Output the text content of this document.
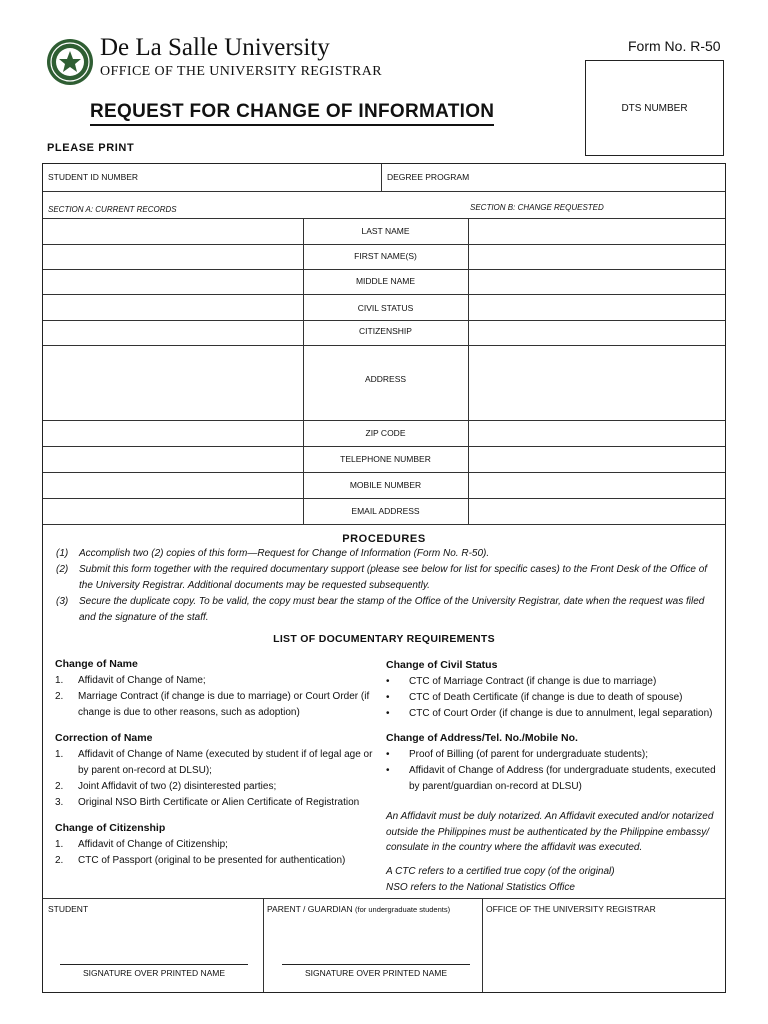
De La Salle University
OFFICE OF THE UNIVERSITY REGISTRAR
Form No. R-50
DTS NUMBER
REQUEST FOR CHANGE OF INFORMATION
PLEASE PRINT
STUDENT ID NUMBER	DEGREE PROGRAM
SECTION A: CURRENT RECORDS	SECTION B: CHANGE REQUESTED
LAST NAME
FIRST NAME(S)
MIDDLE NAME
CIVIL STATUS
CITIZENSHIP
ADDRESS
ZIP CODE
TELEPHONE NUMBER
MOBILE NUMBER
EMAIL ADDRESS
PROCEDURES
(1) Accomplish two (2) copies of this form—Request for Change of Information (Form No. R-50).
(2) Submit this form together with the required documentary support (please see below for list for specific cases) to the Front Desk of the Office of the University Registrar. Additional documents may be requested subsequently.
(3) Secure the duplicate copy. To be valid, the copy must bear the stamp of the Office of the University Registrar, date when the request was filed and the signature of the staff.
LIST OF DOCUMENTARY REQUIREMENTS
Change of Name
1. Affidavit of Change of Name;
2. Marriage Contract (if change is due to marriage) or Court Order (if change is due to other reasons, such as adoption)
Correction of Name
1. Affidavit of Change of Name (executed by student if of legal age or by parent on-record at DLSU);
2. Joint Affidavit of two (2) disinterested parties;
3. Original NSO Birth Certificate or Alien Certificate of Registration
Change of Citizenship
1. Affidavit of Change of Citizenship;
2. CTC of Passport (original to be presented for authentication)
Change of Civil Status
• CTC of Marriage Contract (if change is due to marriage)
• CTC of Death Certificate (if change is due to death of spouse)
• CTC of Court Order (if change is due to annulment, legal separation)
Change of Address/Tel. No./Mobile No.
• Proof of Billing (of parent for undergraduate students);
• Affidavit of Change of Address (for undergraduate students, executed by parent/guardian on-record at DLSU)
An Affidavit must be duly notarized. An Affidavit executed and/or notarized outside the Philippines must be authenticated by the Philippine embassy/ consulate in the country where the affidavit was executed.
A CTC refers to a certified true copy (of the original)
NSO refers to the National Statistics Office
STUDENT	PARENT / GUARDIAN (for undergraduate students)	OFFICE OF THE UNIVERSITY REGISTRAR
SIGNATURE OVER PRINTED NAME	SIGNATURE OVER PRINTED NAME
